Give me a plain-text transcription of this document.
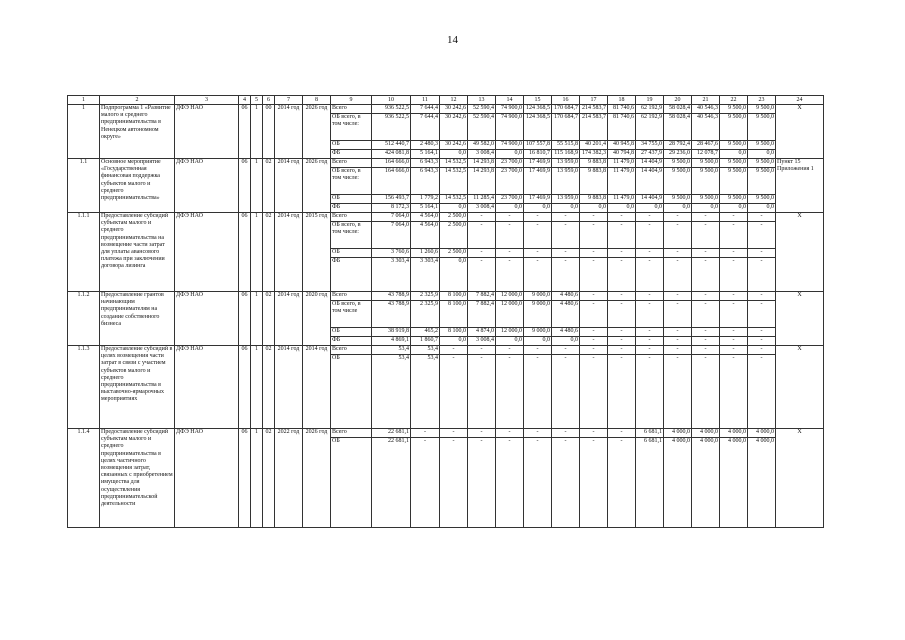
14
1	2	3	4	5	6	7	8	9	10	11	12	13	14	15	16	17	18	19	20	21	22	23	24
1	Подпрограмма 1 «Развитие малого и среднего предпринимательства в Ненецком автономном округе»	ДФЭ НАО	06	1	00	2014 год	2026 год	Всего	936 522,5	7 644,4	30 242,6	52 590,4	74 900,0	124 368,5	170 684,7	214 583,7	81 740,6	62 192,9	58 028,4	40 546,3	9 500,0	9 500,0	Х
								ОБ всего, в том числе:	936 522,5	7 644,4	30 242,6	52 590,4	74 900,0	124 368,5	170 684,7	214 583,7	81 740,6	62 192,9	58 028,4	40 546,3	9 500,0	9 500,0	
								ОБ	512 440,7	2 480,3	30 242,6	49 582,0	74 900,0	107 557,8	55 515,8	40 201,4	40 945,8	34 755,0	28 792,4	28 467,6	9 500,0	9 500,0	
								ФБ	424 081,8	5 164,1	0,0	3 008,4	0,0	16 810,7	115 168,9	174 382,3	40 794,8	27 437,9	29 236,0	12 078,7	0,0	0,0	
1.1	Основное мероприятие «Государственная финансовая поддержка субъектов малого и среднего предпринимательства»	ДФЭ НАО	06	1	02	2014 год	2026 год	Всего	164 666,0	6 943,3	14 532,5	14 293,8	23 700,0	17 469,9	13 959,0	9 883,8	11 479,0	14 404,9	9 500,0	9 500,0	9 500,0	9 500,0	Пункт 15 Приложения 1
								ОБ всего, в том числе:	164 666,0	6 943,3	14 532,5	14 293,8	23 700,0	17 469,9	13 959,0	9 883,8	11 479,0	14 404,9	9 500,0	9 500,0	9 500,0	9 500,0	
								ОБ	156 493,7	1 779,2	14 532,5	11 285,4	23 700,0	17 469,9	13 959,0	9 883,8	11 479,0	14 404,9	9 500,0	9 500,0	9 500,0	9 500,0	
								ФБ	8 172,3	5 164,1	0,0	3 008,4	0,0	0,0	0,0	0,0	0,0	0,0	0,0	0,0	0,0	0,0	
1.1.1	Предоставление субсидий субъектам малого и среднего предпринимательства на возмещение части затрат для уплаты авансового платежа при заключении договора лизинга	ДФЭ НАО	06	1	02	2014 год	2015 год	Всего	7 064,0	4 564,0	2 500,0	-	-	-	-	-	-	-	-	-	-	-	Х
								ОБ всего, в том числе:	7 064,0	4 564,0	2 500,0	-	-	-	-	-	-	-	-	-	-	-	
								ОБ	3 760,6	1 260,6	2 500,0	-	-	-	-	-	-	-	-	-	-	-	
								ФБ	3 303,4	3 303,4	0,0	-	-	-	-	-	-	-	-	-	-	-	
1.1.2	Предоставление грантов начинающим предпринимателям на создание собственного бизнеса	ДФЭ НАО	06	1	02	2014 год	2020 год	Всего	43 788,9	2 325,9	8 100,0	7 882,4	12 000,0	9 000,0	4 480,6	-	-	-	-	-	-	-	Х
								ОБ всего, в том числе	43 788,9	2 325,9	8 100,0	7 882,4	12 000,0	9 000,0	4 480,6	-	-	-	-	-	-	-	
								ОБ	38 919,8	465,2	8 100,0	4 874,0	12 000,0	9 000,0	4 480,6	-	-	-	-	-	-	-	
								ФБ	4 869,1	1 860,7	0,0	3 008,4	0,0	0,0	0,0	-	-	-	-	-	-	-	
1.1.3	Предоставление субсидий в целях возмещения части затрат в связи с участием субъектов малого и среднего предпринимательства в выставочно-ярмарочных мероприятиях	ДФЭ НАО	06	1	02	2014 год	2014 год	Всего	53,4	53,4	-	-	-	-	-	-	-	-	-	-	-	-	Х
								ОБ	53,4	53,4	-	-	-	-	-	-	-	-	-	-	-	-	
1.1.4	Предоставление субсидий субъектам малого и среднего предпринимательства в целях частичного возмещения затрат, связанных с приобретением имущества для осуществления предпринимательской деятельности	ДФЭ НАО	06	1	02	2022 год	2026 год	Всего	22 681,1	-	-	-	-	-	-	-	-	6 681,1	4 000,0	4 000,0	4 000,0	4 000,0	Х
								ОБ	22 681,1	-	-	-	-	-	-	-	-	6 681,1	4 000,0	4 000,0	4 000,0	4 000,0	
